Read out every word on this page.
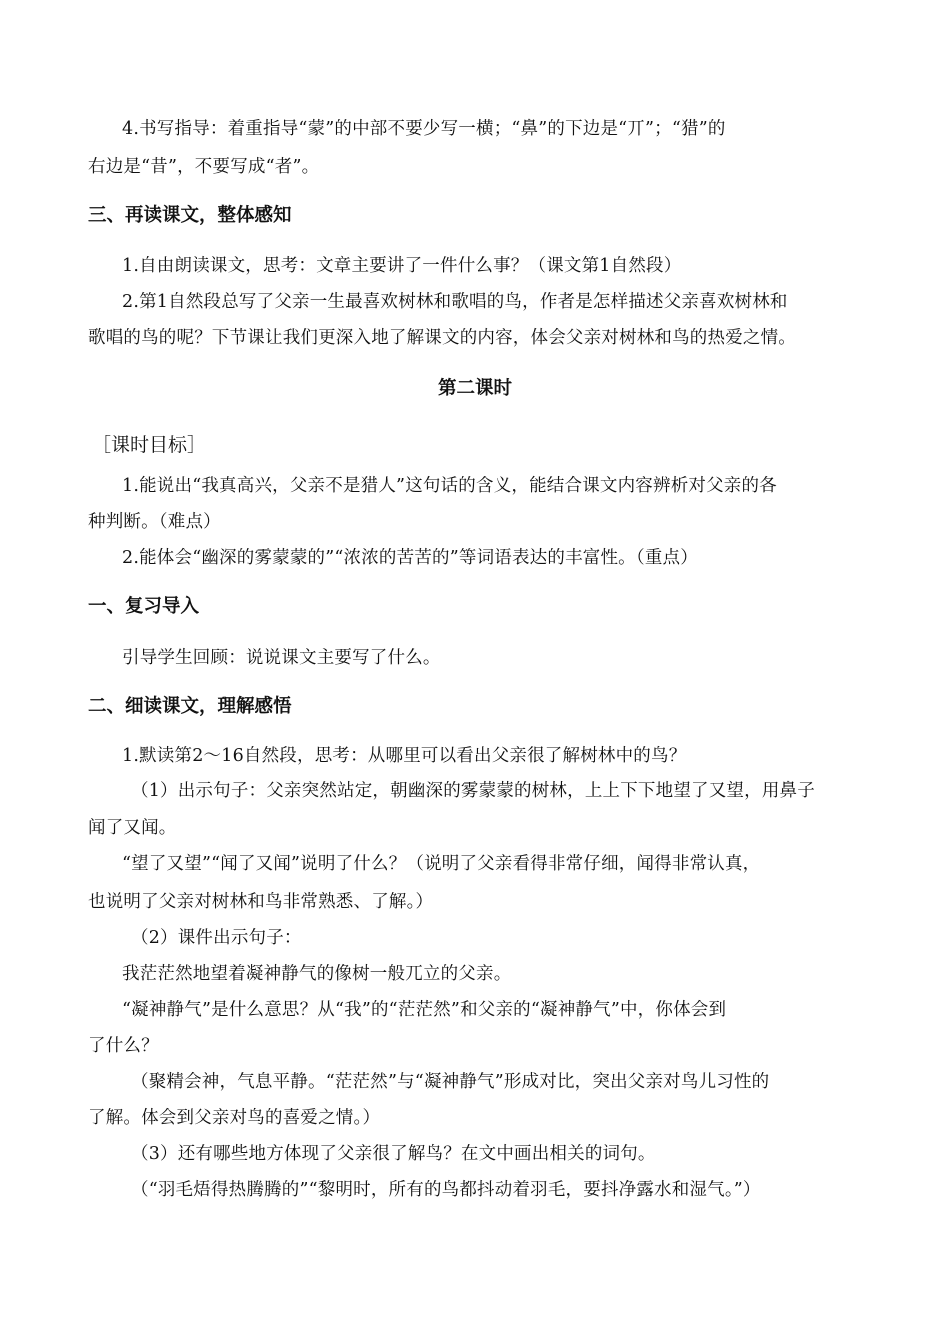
4.书写指导：着重指导“蒙”的中部不要少写一横；“鼻”的下边是“丌”；“猎”的
右边是“昔”，不要写成“者”。
三、再读课文，整体感知
1.自由朗读课文，思考：文章主要讲了一件什么事？（课文第1自然段）
2.第1自然段总写了父亲一生最喜欢树林和歌唱的鸟，作者是怎样描述父亲喜欢树林和
歌唱的鸟的呢？下节课让我们更深入地了解课文的内容，体会父亲对树林和鸟的热爱之情。
第二课时
［课时目标］
1.能说出“我真高兴，父亲不是猎人”这句话的含义，能结合课文内容辨析对父亲的各
种判断。（难点）
2.能体会“幽深的雾蒙蒙的”“浓浓的苦苦的”等词语表达的丰富性。（重点）
一、复习导入
引导学生回顾：说说课文主要写了什么。
二、细读课文，理解感悟
1.默读第2～16自然段，思考：从哪里可以看出父亲很了解树林中的鸟？
（1）出示句子：父亲突然站定，朝幽深的雾蒙蒙的树林，上上下下地望了又望，用鼻子
闻了又闻。
“望了又望”“闻了又闻”说明了什么？（说明了父亲看得非常仔细，闻得非常认真，
也说明了父亲对树林和鸟非常熟悉、了解。）
（2）课件出示句子：
我茫茫然地望着凝神静气的像树一般兀立的父亲。
“凝神静气”是什么意思？从“我”的“茫茫然”和父亲的“凝神静气”中，你体会到
了什么？
（聚精会神，气息平静。“茫茫然”与“凝神静气”形成对比，突出父亲对鸟儿习性的
了解。体会到父亲对鸟的喜爱之情。）
（3）还有哪些地方体现了父亲很了解鸟？在文中画出相关的词句。
（“羽毛焐得热腾腾的”“黎明时，所有的鸟都抖动着羽毛，要抖净露水和湿气。”）
